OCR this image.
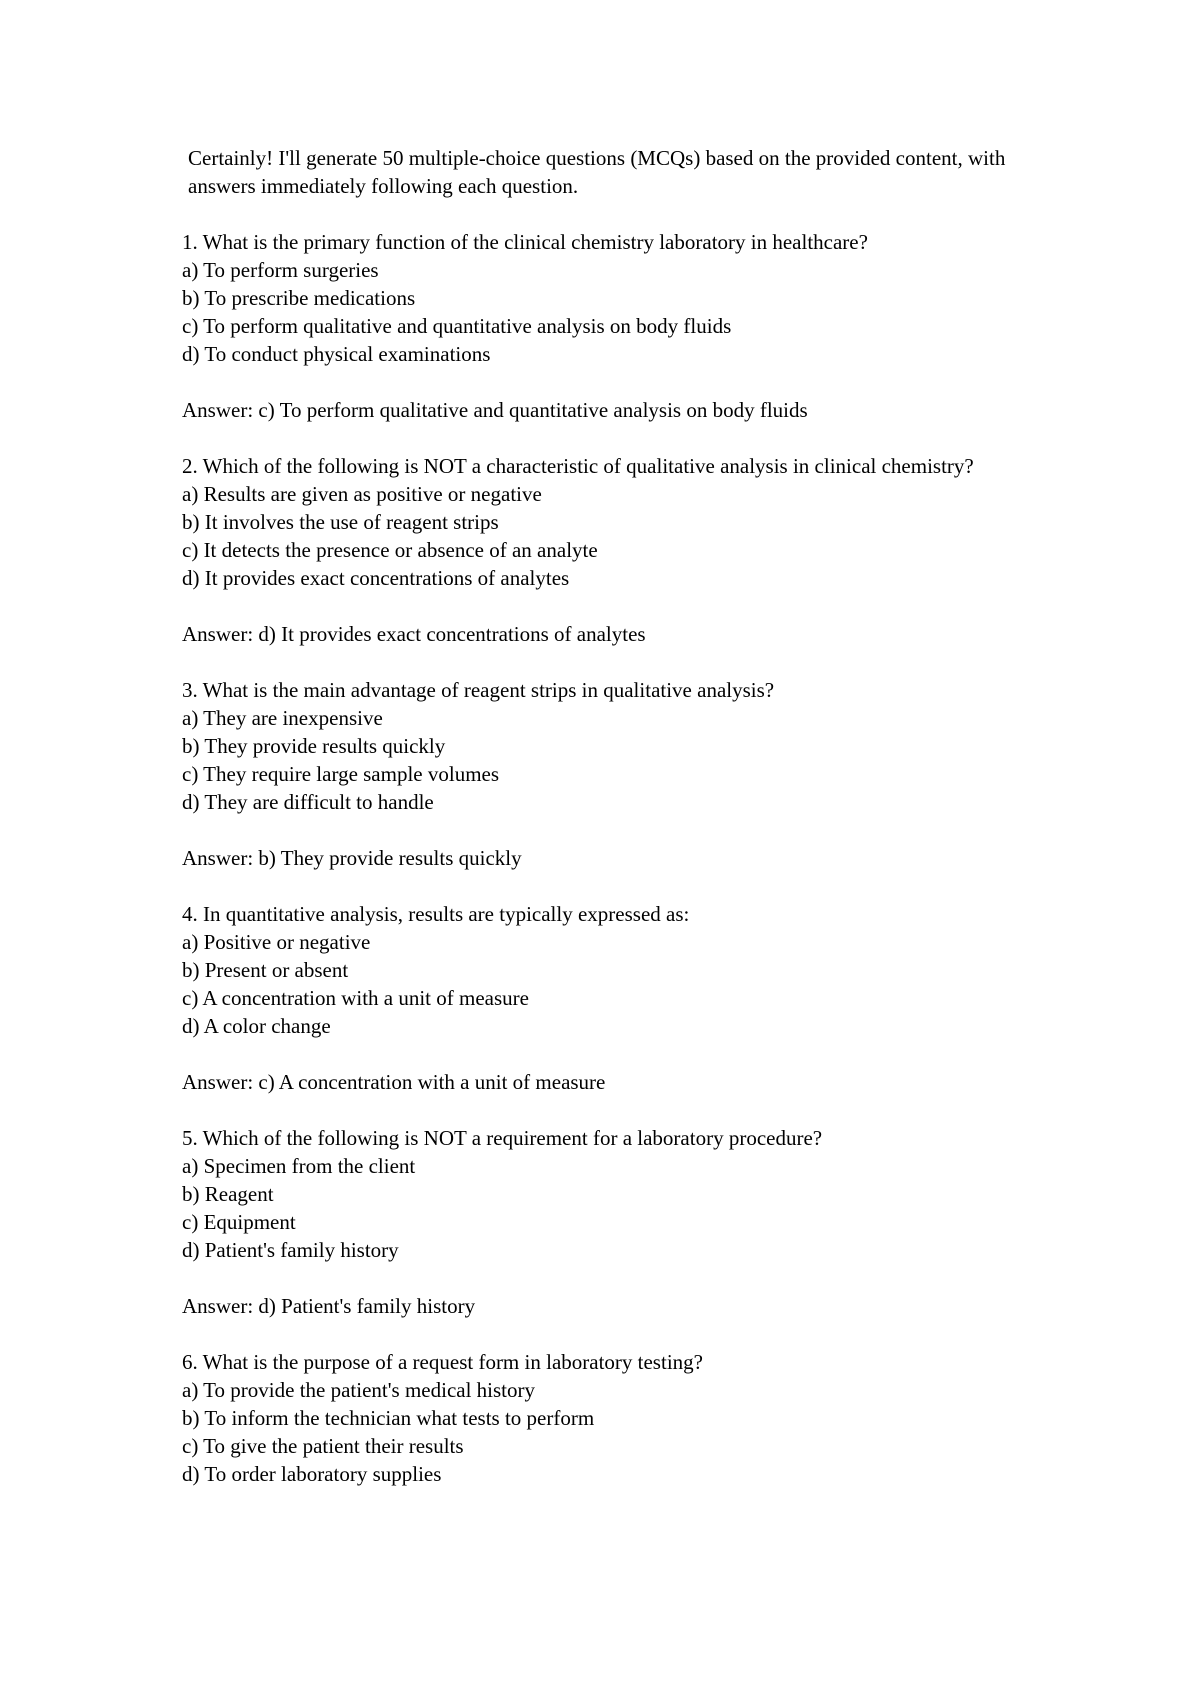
Certainly! I'll generate 50 multiple-choice questions (MCQs) based on the provided content, with answers immediately following each question.
1. What is the primary function of the clinical chemistry laboratory in healthcare?
a) To perform surgeries
b) To prescribe medications
c) To perform qualitative and quantitative analysis on body fluids
d) To conduct physical examinations
Answer: c) To perform qualitative and quantitative analysis on body fluids
2. Which of the following is NOT a characteristic of qualitative analysis in clinical chemistry?
a) Results are given as positive or negative
b) It involves the use of reagent strips
c) It detects the presence or absence of an analyte
d) It provides exact concentrations of analytes
Answer: d) It provides exact concentrations of analytes
3. What is the main advantage of reagent strips in qualitative analysis?
a) They are inexpensive
b) They provide results quickly
c) They require large sample volumes
d) They are difficult to handle
Answer: b) They provide results quickly
4. In quantitative analysis, results are typically expressed as:
a) Positive or negative
b) Present or absent
c) A concentration with a unit of measure
d) A color change
Answer: c) A concentration with a unit of measure
5. Which of the following is NOT a requirement for a laboratory procedure?
a) Specimen from the client
b) Reagent
c) Equipment
d) Patient's family history
Answer: d) Patient's family history
6. What is the purpose of a request form in laboratory testing?
a) To provide the patient's medical history
b) To inform the technician what tests to perform
c) To give the patient their results
d) To order laboratory supplies
